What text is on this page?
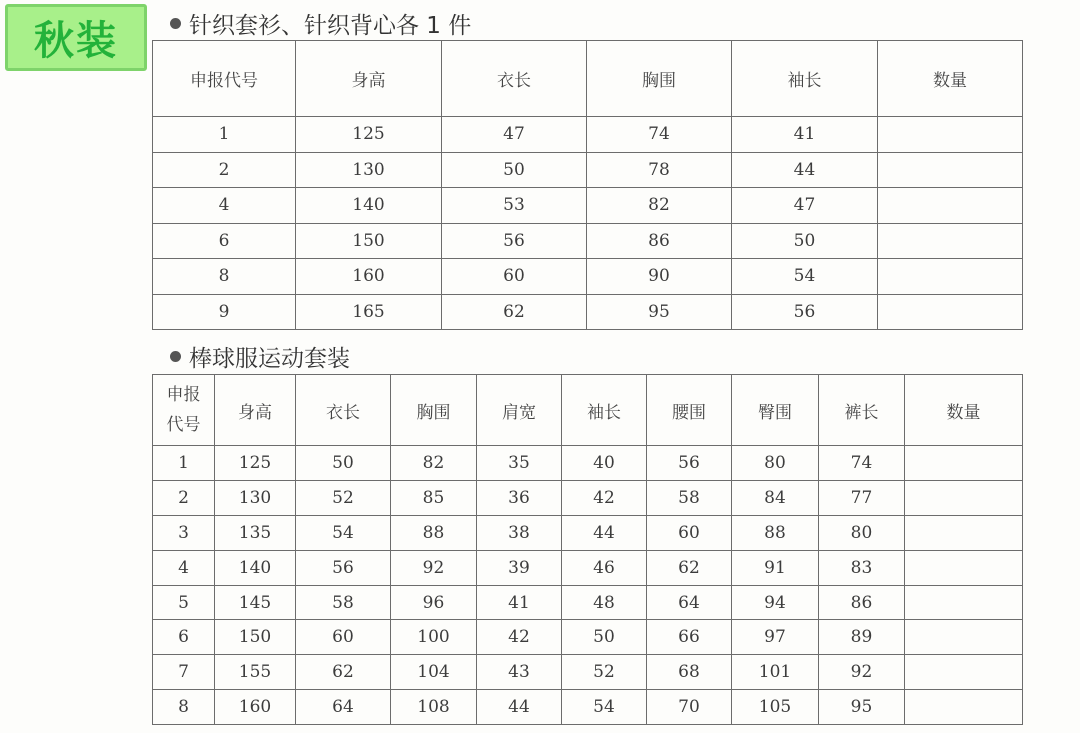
秋装	针织套衫、针织背心各 1 件
申报代号	身高	衣长	胸围	袖长	数量
1	125	47	74	41	
2	130	50	78	44	
4	140	53	82	47	
6	150	56	86	50	
8	160	60	90	54	
9	165	62	95	56	
棒球服运动套装
申报
代号	身高	衣长	胸围	肩宽	袖长	腰围	臀围	裤长	数量
1	125	50	82	35	40	56	80	74	
2	130	52	85	36	42	58	84	77	
3	135	54	88	38	44	60	88	80	
4	140	56	92	39	46	62	91	83	
5	145	58	96	41	48	64	94	86	
6	150	60	100	42	50	66	97	89	
7	155	62	104	43	52	68	101	92	
8	160	64	108	44	54	70	105	95	
